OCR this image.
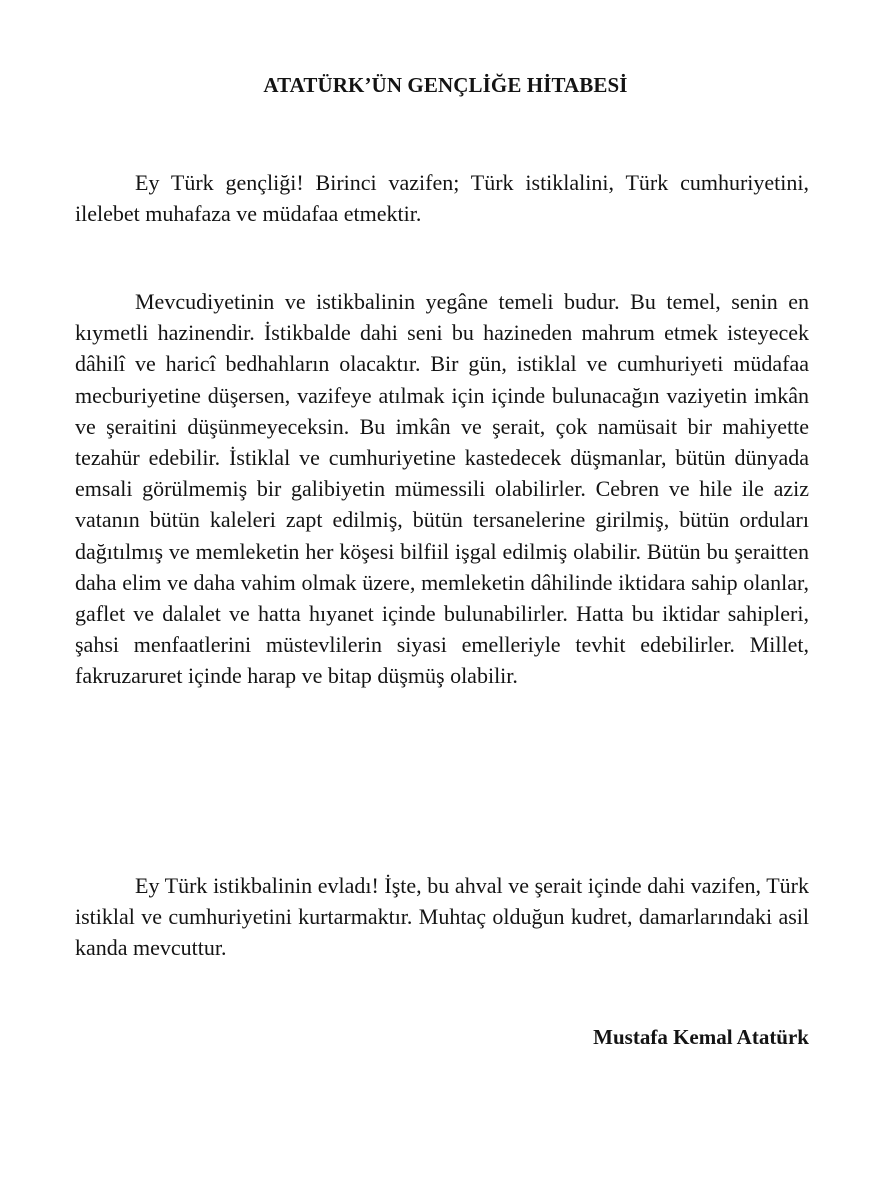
ATATÜRK’ÜN GENÇLİĞE HİTABESİ

Ey Türk gençliği! Birinci vazifen; Türk istiklalini, Türk cumhuriyetini, ilelebet muhafaza ve müdafaa etmektir.

Mevcudiyetinin ve istikbalinin yegâne temeli budur. Bu temel, senin en kıymetli hazinendir. İstikbalde dahi seni bu hazineden mahrum etmek isteyecek dâhilî ve haricî bedhahların olacaktır. Bir gün, istiklal ve cumhuriyeti müdafaa mecburiyetine düşersen, vazifeye atılmak için içinde bulunacağın vaziyetin imkân ve şeraitini düşünmeyeceksin. Bu imkân ve şerait, çok namüsait bir mahiyette tezahür edebilir. İstiklal ve cumhuriyetine kastedecek düşmanlar, bütün dünyada emsali görülmemiş bir galibiyetin mümessili olabilirler. Cebren ve hile ile aziz vatanın bütün kaleleri zapt edilmiş, bütün tersanelerine girilmiş, bütün orduları dağıtılmış ve memleketin her köşesi bilfiil işgal edilmiş olabilir. Bütün bu şeraitten daha elim ve daha vahim olmak üzere, memleketin dâhilinde iktidara sahip olanlar, gaflet ve dalalet ve hatta hıyanet içinde bulunabilirler. Hatta bu iktidar sahipleri, şahsi menfaatlerini müstevlilerin siyasi emelleriyle tevhit edebilirler. Millet, fakruzaruret içinde harap ve bitap düşmüş olabilir.

Ey Türk istikbalinin evladı! İşte, bu ahval ve şerait içinde dahi vazifen, Türk istiklal ve cumhuriyetini kurtarmaktır. Muhtaç olduğun kudret, damarlarındaki asil kanda mevcuttur.

Mustafa Kemal Atatürk
